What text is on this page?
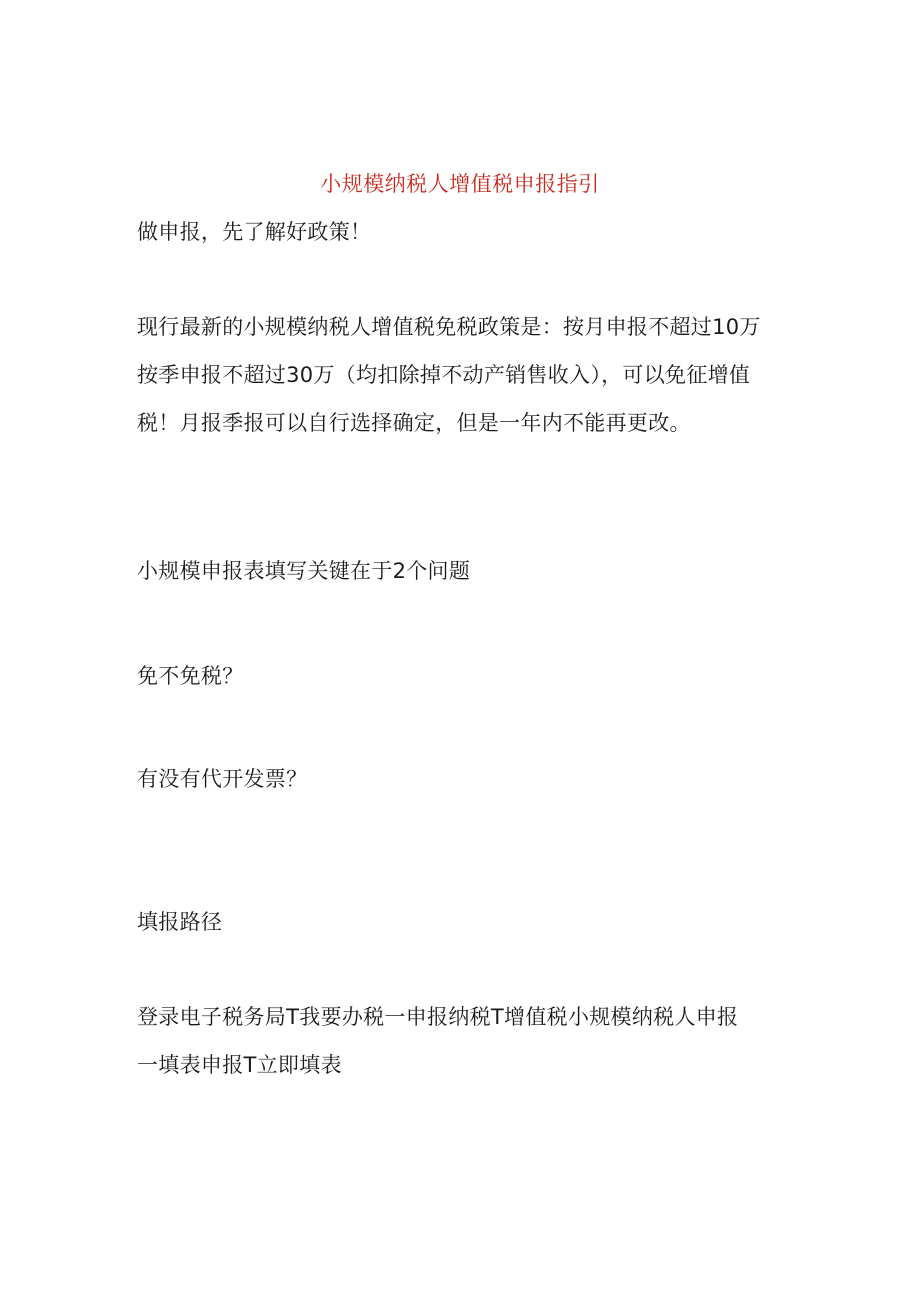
小规模纳税人增值税申报指引
做申报，先了解好政策！
现行最新的小规模纳税人增值税免税政策是：按月申报不超过10万
按季申报不超过30万（均扣除掉不动产销售收入），可以免征增值
税！月报季报可以自行选择确定，但是一年内不能再更改。
小规模申报表填写关键在于2个问题
免不免税？
有没有代开发票？
填报路径
登录电子税务局T我要办税一申报纳税T增值税小规模纳税人申报
一填表申报T立即填表
